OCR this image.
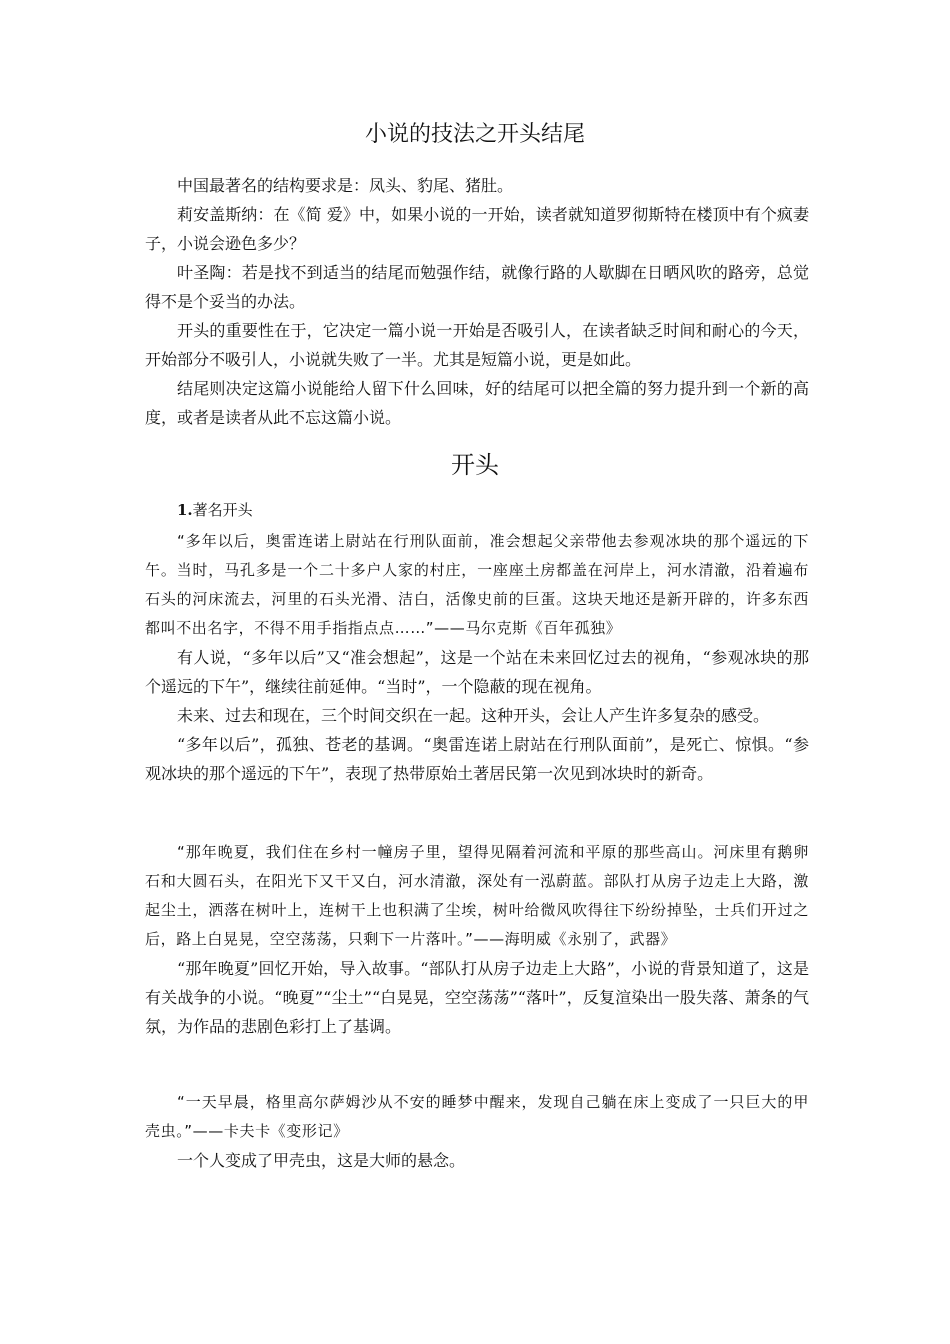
小说的技法之开头结尾

中国最著名的结构要求是：凤头、豹尾、猪肚。

莉安盖斯纳：在《简 爱》中，如果小说的一开始，读者就知道罗彻斯特在楼顶中有个疯妻子，小说会逊色多少？

叶圣陶：若是找不到适当的结尾而勉强作结，就像行路的人歇脚在日晒风吹的路旁，总觉得不是个妥当的办法。

开头的重要性在于，它决定一篇小说一开始是否吸引人，在读者缺乏时间和耐心的今天，开始部分不吸引人，小说就失败了一半。尤其是短篇小说，更是如此。

结尾则决定这篇小说能给人留下什么回味，好的结尾可以把全篇的努力提升到一个新的高度，或者是读者从此不忘这篇小说。

开头
1.著名开头

“多年以后，奥雷连诺上尉站在行刑队面前，准会想起父亲带他去参观冰块的那个遥远的下午。当时，马孔多是一个二十多户人家的村庄，一座座土房都盖在河岸上，河水清澈，沿着遍布石头的河床流去，河里的石头光滑、洁白，活像史前的巨蛋。这块天地还是新开辟的，许多东西都叫不出名字，不得不用手指指点点……”——马尔克斯《百年孤独》

有人说，“多年以后”又“准会想起”，这是一个站在未来回忆过去的视角，“参观冰块的那个遥远的下午”，继续往前延伸。“当时”，一个隐蔽的现在视角。

未来、过去和现在，三个时间交织在一起。这种开头，会让人产生许多复杂的感受。

“多年以后”，孤独、苍老的基调。“奥雷连诺上尉站在行刑队面前”，是死亡、惊惧。“参观冰块的那个遥远的下午”，表现了热带原始土著居民第一次见到冰块时的新奇。

“那年晚夏，我们住在乡村一幢房子里，望得见隔着河流和平原的那些高山。河床里有鹅卵石和大圆石头，在阳光下又干又白，河水清澈，深处有一泓蔚蓝。部队打从房子边走上大路，激起尘土，洒落在树叶上，连树干上也积满了尘埃，树叶给微风吹得往下纷纷掉坠，士兵们开过之后，路上白晃晃，空空荡荡，只剩下一片落叶。”——海明威《永别了，武器》

“那年晚夏”回忆开始，导入故事。“部队打从房子边走上大路”，小说的背景知道了，这是有关战争的小说。“晚夏”“尘土”“白晃晃，空空荡荡”“落叶”，反复渲染出一股失落、萧条的气氛，为作品的悲剧色彩打上了基调。

“一天早晨，格里高尔萨姆沙从不安的睡梦中醒来，发现自己躺在床上变成了一只巨大的甲壳虫。”——卡夫卡《变形记》

一个人变成了甲壳虫，这是大师的悬念。
